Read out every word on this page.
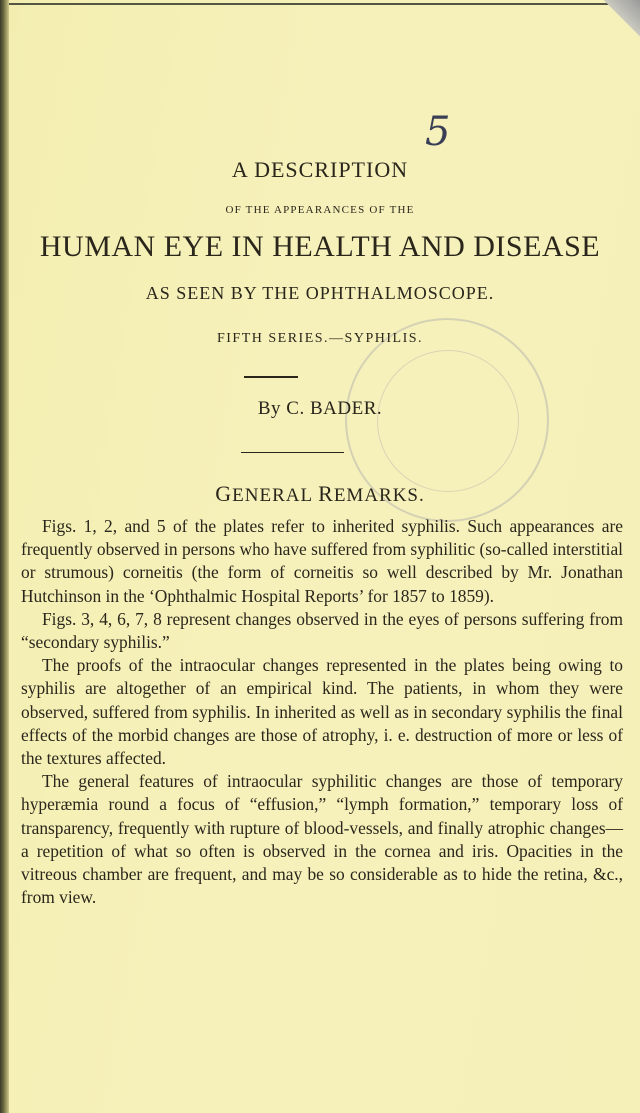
5
A DESCRIPTION
OF THE APPEARANCES OF THE
HUMAN EYE IN HEALTH AND DISEASE
AS SEEN BY THE OPHTHALMOSCOPE.
FIFTH SERIES.—SYPHILIS.
By C. BADER.
GENERAL REMARKS.

Figs. 1, 2, and 5 of the plates refer to inherited syphilis. Such appearances are frequently observed in persons who have suffered from syphilitic (so-called interstitial or strumous) corneitis (the form of corneitis so well described by Mr. Jonathan Hutchinson in the ‘Ophthalmic Hospital Reports’ for 1857 to 1859).

Figs. 3, 4, 6, 7, 8 represent changes observed in the eyes of persons suffering from “secondary syphilis.”

The proofs of the intraocular changes represented in the plates being owing to syphilis are altogether of an empirical kind. The patients, in whom they were observed, suffered from syphilis. In inherited as well as in secondary syphilis the final effects of the morbid changes are those of atrophy, i. e. destruction of more or less of the textures affected.

The general features of intraocular syphilitic changes are those of temporary hyperæmia round a focus of “effusion,” “lymph formation,” temporary loss of transparency, frequently with rupture of blood-vessels, and finally atrophic changes—a repetition of what so often is observed in the cornea and iris. Opacities in the vitreous chamber are frequent, and may be so considerable as to hide the retina, &c., from view.
